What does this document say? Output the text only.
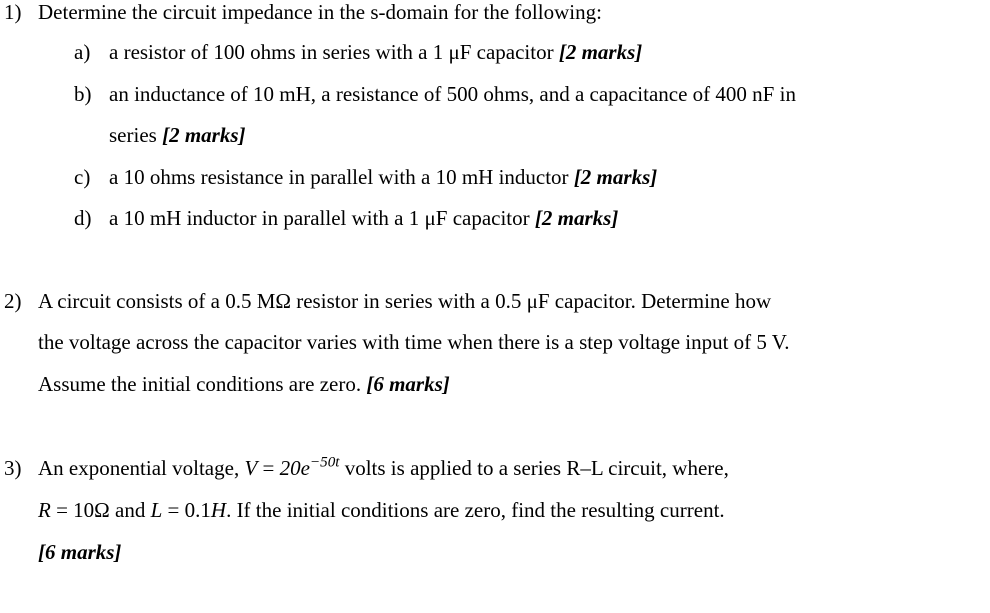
1) Determine the circuit impedance in the s-domain for the following:
a) a resistor of 100 ohms in series with a 1 μF capacitor [2 marks]
b) an inductance of 10 mH, a resistance of 500 ohms, and a capacitance of 400 nF in
series [2 marks]
c) a 10 ohms resistance in parallel with a 10 mH inductor [2 marks]
d) a 10 mH inductor in parallel with a 1 μF capacitor [2 marks]
2) A circuit consists of a 0.5 MΩ resistor in series with a 0.5 μF capacitor. Determine how
the voltage across the capacitor varies with time when there is a step voltage input of 5 V.
Assume the initial conditions are zero. [6 marks]
3) An exponential voltage, $V = 20e^{-50t}$ volts is applied to a series R–L circuit, where,
R = 10Ω and L = 0.1H. If the initial conditions are zero, find the resulting current.
[6 marks]
